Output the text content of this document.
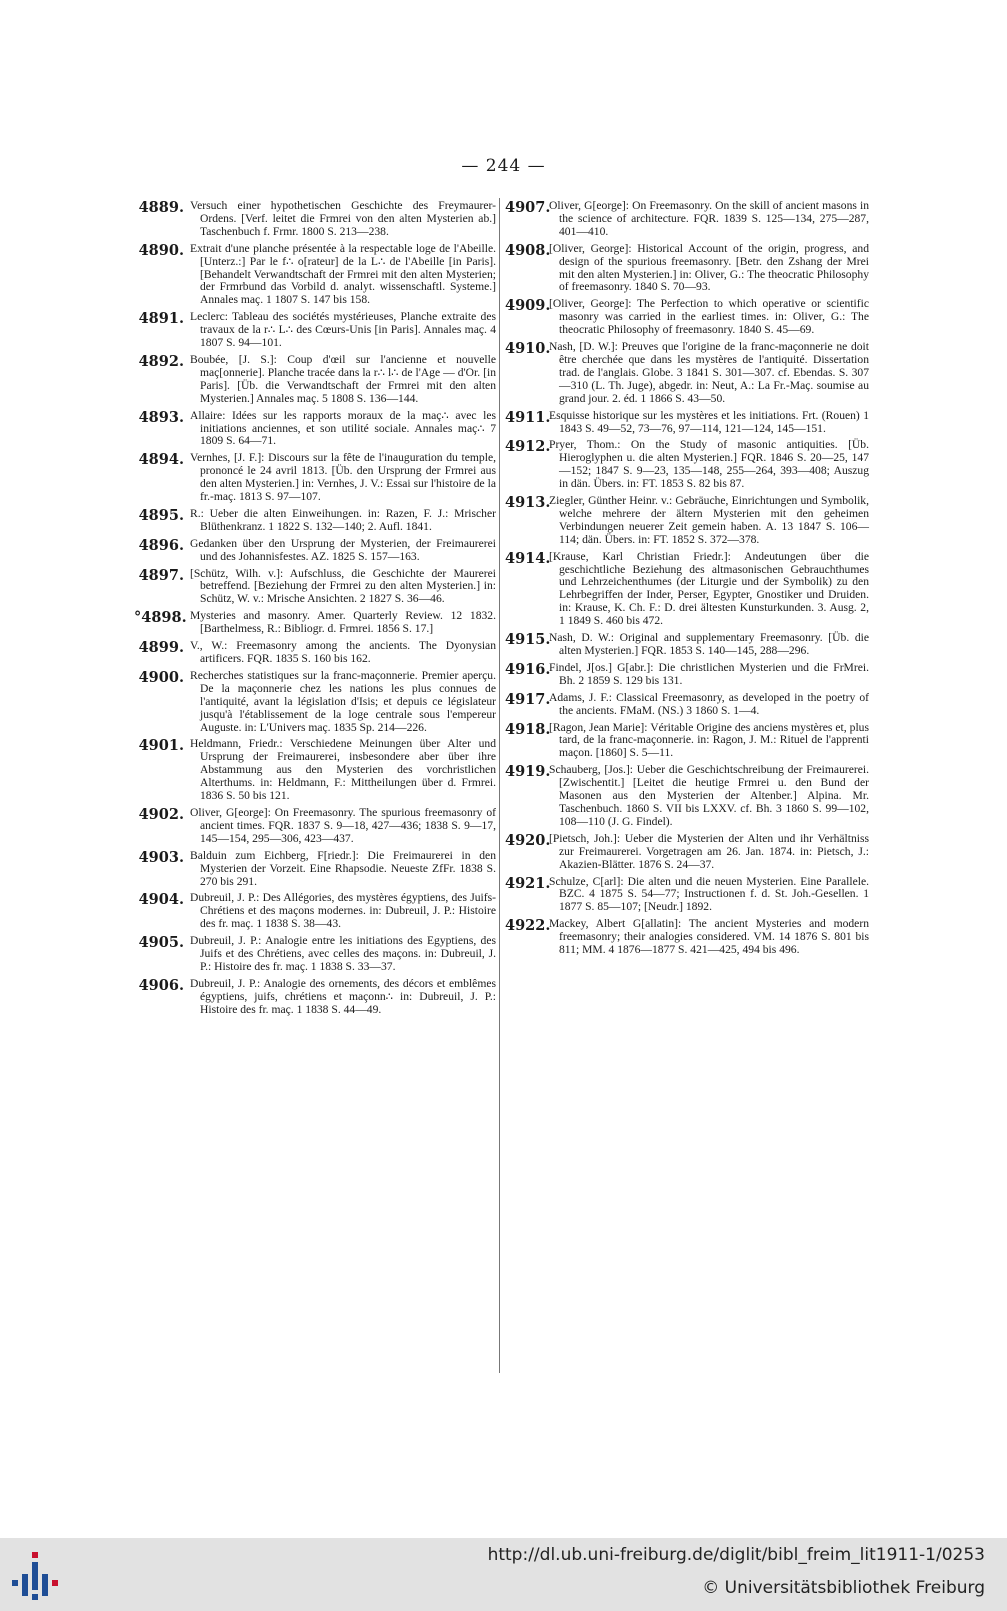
— 244 —
4889. Versuch einer hypothetischen Geschichte des Freymaurer-Ordens. [Verf. leitet die Frmrei von den alten Mysterien ab.] Taschenbuch f. Frmr. 1800 S. 213—238.
4890. Extrait d'une planche présentée à la respectable loge de l'Abeille. [Unterz.:] Par le f∴ o[rateur] de la L∴ de l'Abeille [in Paris]. [Behandelt Verwandtschaft der Frmrei mit den alten Mysterien; der Frmrbund das Vorbild d. analyt. wissenschaftl. Systeme.] Annales maç. 1 1807 S. 147 bis 158.
4891. Leclerc: Tableau des sociétés mystérieuses, Planche extraite des travaux de la r∴ L∴ des Cœurs-Unis [in Paris]. Annales maç. 4 1807 S. 94—101.
4892. Boubée, [J. S.]: Coup d'œil sur l'ancienne et nouvelle maç[onnerie]. Planche tracée dans la r∴ l∴ de l'Age — d'Or. [in Paris]. [Üb. die Verwandtschaft der Frmrei mit den alten Mysterien.] Annales maç. 5 1808 S. 136—144.
4893. Allaire: Idées sur les rapports moraux de la maç∴ avec les initiations anciennes, et son utilité sociale. Annales maç∴ 7 1809 S. 64—71.
4894. Vernhes, [J. F.]: Discours sur la fête de l'inauguration du temple, prononcé le 24 avril 1813. [Üb. den Ursprung der Frmrei aus den alten Mysterien.] in: Vernhes, J. V.: Essai sur l'histoire de la fr.-maç. 1813 S. 97—107.
4895. R.: Ueber die alten Einweihungen. in: Razen, F. J.: Mrischer Blüthenkranz. 1 1822 S. 132—140; 2. Aufl. 1841.
4896. Gedanken über den Ursprung der Mysterien, der Freimaurerei und des Johannisfestes. AZ. 1825 S. 157—163.
4897. [Schütz, Wilh. v.]: Aufschluss, die Geschichte der Maurerei betreffend. [Beziehung der Frmrei zu den alten Mysterien.] in: Schütz, W. v.: Mrische Ansichten. 2 1827 S. 36—46.
°4898. Mysteries and masonry. Amer. Quarterly Review. 12 1832. [Barthelmess, R.: Bibliogr. d. Frmrei. 1856 S. 17.]
4899. V., W.: Freemasonry among the ancients. The Dyonysian artificers. FQR. 1835 S. 160 bis 162.
4900. Recherches statistiques sur la franc-maçonnerie. Premier aperçu. De la maçonnerie chez les nations les plus connues de l'antiquité, avant la législation d'Isis; et depuis ce législateur jusqu'à l'établissement de la loge centrale sous l'empereur Auguste. in: L'Univers maç. 1835 Sp. 214—226.
4901. Heldmann, Friedr.: Verschiedene Meinungen über Alter und Ursprung der Freimaurerei, insbesondere aber über ihre Abstammung aus den Mysterien des vorchristlichen Alterthums. in: Heldmann, F.: Mittheilungen über d. Frmrei. 1836 S. 50 bis 121.
4902. Oliver, G[eorge]: On Freemasonry. The spurious freemasonry of ancient times. FQR. 1837 S. 9—18, 427—436; 1838 S. 9—17, 145—154, 295—306, 423—437.
4903. Balduin zum Eichberg, F[riedr.]: Die Freimaurerei in den Mysterien der Vorzeit. Eine Rhapsodie. Neueste ZfFr. 1838 S. 270 bis 291.
4904. Dubreuil, J. P.: Des Allégories, des mystères égyptiens, des Juifs-Chrétiens et des maçons modernes. in: Dubreuil, J. P.: Histoire des fr. maç. 1 1838 S. 38—43.
4905. Dubreuil, J. P.: Analogie entre les initiations des Egyptiens, des Juifs et des Chrétiens, avec celles des maçons. in: Dubreuil, J. P.: Histoire des fr. maç. 1 1838 S. 33—37.
4906. Dubreuil, J. P.: Analogie des ornements, des décors et emblêmes égyptiens, juifs, chrétiens et maçonn∴ in: Dubreuil, J. P.: Histoire des fr. maç. 1 1838 S. 44—49.
4907.
Oliver, G[eorge]: On Freemasonry. On the skill of ancient masons in the science of architecture. FQR. 1839 S. 125—134, 275—287, 401—410.
4908.
[Oliver, George]: Historical Account of the origin, progress, and design of the spurious freemasonry. [Betr. den Zshang der Mrei mit den alten Mysterien.] in: Oliver, G.: The theocratic Philosophy of freemasonry. 1840 S. 70—93.
4909.
[Oliver, George]: The Perfection to which operative or scientific masonry was carried in the earliest times. in: Oliver, G.: The theocratic Philosophy of freemasonry. 1840 S. 45—69.
4910.
Nash, [D. W.]: Preuves que l'origine de la franc-maçonnerie ne doit être cherchée que dans les mystères de l'antiquité. Dissertation trad. de l'anglais. Globe. 3 1841 S. 301—307. cf. Ebendas. S. 307—310 (L. Th. Juge), abgedr. in: Neut, A.: La Fr.-Maç. soumise au grand jour. 2. éd. 1 1866 S. 43—50.
4911.
Esquisse historique sur les mystères et les initiations. Frt. (Rouen) 1 1843 S. 49—52, 73—76, 97—114, 121—124, 145—151.
4912.
Pryer, Thom.: On the Study of masonic antiquities. [Üb. Hieroglyphen u. die alten Mysterien.] FQR. 1846 S. 20—25, 147—152; 1847 S. 9—23, 135—148, 255—264, 393—408; Auszug in dän. Übers. in: FT. 1853 S. 82 bis 87.
4913.
Ziegler, Günther Heinr. v.: Gebräuche, Einrichtungen und Symbolik, welche mehrere der ältern Mysterien mit den geheimen Verbindungen neuerer Zeit gemein haben. A. 13 1847 S. 106—114; dän. Übers. in: FT. 1852 S. 372—378.
4914.
[Krause, Karl Christian Friedr.]: Andeutungen über die geschichtliche Beziehung des altmasonischen Gebrauchthumes und Lehrzeichenthumes (der Liturgie und der Symbolik) zu den Lehrbegriffen der Inder, Perser, Egypter, Gnostiker und Druiden. in: Krause, K. Ch. F.: D. drei ältesten Kunsturkunden. 3. Ausg. 2, 1 1849 S. 460 bis 472.
4915.
Nash, D. W.: Original and supplementary Freemasonry. [Üb. die alten Mysterien.] FQR. 1853 S. 140—145, 288—296.
4916.
Findel, J[os.] G[abr.]: Die christlichen Mysterien und die FrMrei. Bh. 2 1859 S. 129 bis 131.
4917.
Adams, J. F.: Classical Freemasonry, as developed in the poetry of the ancients. FMaM. (NS.) 3 1860 S. 1—4.
4918.
[Ragon, Jean Marie]: Véritable Origine des anciens mystères et, plus tard, de la franc-maçonnerie. in: Ragon, J. M.: Rituel de l'apprenti maçon. [1860] S. 5—11.
4919.
Schauberg, [Jos.]: Ueber die Geschichtschreibung der Freimaurerei. [Zwischentit.] [Leitet die heutige Frmrei u. den Bund der Masonen aus den Mysterien der Altenber.] Alpina. Mr. Taschenbuch. 1860 S. VII bis LXXV. cf. Bh. 3 1860 S. 99—102, 108—110 (J. G. Findel).
4920.
[Pietsch, Joh.]: Ueber die Mysterien der Alten und ihr Verhältniss zur Freimaurerei. Vorgetragen am 26. Jan. 1874. in: Pietsch, J.: Akazien-Blätter. 1876 S. 24—37.
4921.
Schulze, C[arl]: Die alten und die neuen Mysterien. Eine Parallele. BZC. 4 1875 S. 54—77; Instructionen f. d. St. Joh.-Gesellen. 1 1877 S. 85—107; [Neudr.] 1892.
4922.
Mackey, Albert G[allatin]: The ancient Mysteries and modern freemasonry; their analogies considered. VM. 14 1876 S. 801 bis 811; MM. 4 1876—1877 S. 421—425, 494 bis 496.
http://dl.ub.uni-freiburg.de/diglit/bibl_freim_lit1911-1/0253
© Universitätsbibliothek Freiburg
